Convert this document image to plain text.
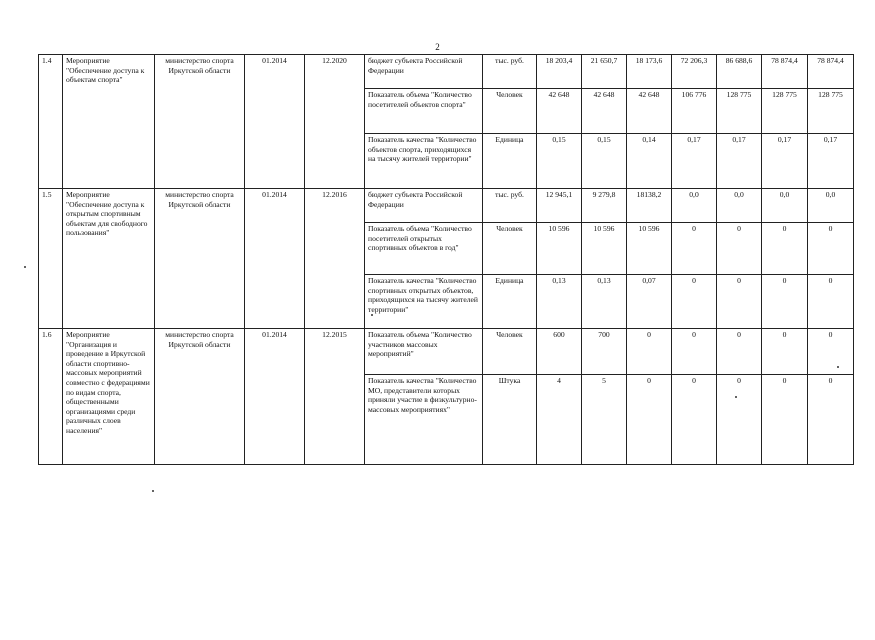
2
1.4	Мероприятие "Обеспечение доступа к объектам спорта"	министерство спорта Иркутской области	01.2014	12.2020	бюджет субъекта Российской Федерации	тыс. руб.	18 203,4	21 650,7	18 173,6	72 206,3	86 688,6	78 874,4	78 874,4
					Показатель объема "Количество посетителей объектов спорта"	Человек	42 648	42 648	42 648	106 776	128 775	128 775	128 775
					Показатель качества "Количество объектов спорта, приходящихся на тысячу жителей территории"	Единица	0,15	0,15	0,14	0,17	0,17	0,17	0,17
1.5	Мероприятие "Обеспечение доступа к открытым спортивным объектам для свободного пользования"	министерство спорта Иркутской области	01.2014	12.2016	бюджет субъекта Российской Федерации	тыс. руб.	12 945,1	9 279,8	18138,2	0,0	0,0	0,0	0,0
					Показатель объема "Количество посетителей открытых спортивных объектов в год"	Человек	10 596	10 596	10 596	0	0	0	0
					Показатель качества "Количество спортивных открытых объектов, приходящихся на тысячу жителей территории"	Единица	0,13	0,13	0,07	0	0	0	0
1.6	Мероприятие "Организация и проведение в Иркутской области спортивно-массовых мероприятий совместно с федерациями по видам спорта, общественными организациями среди различных слоев населения"	министерство спорта Иркутской области	01.2014	12.2015	Показатель объема "Количество участников массовых мероприятий"	Человек	600	700	0	0	0	0	0
					Показатель качества "Количество МО, представители которых приняли участие в физкультурно-массовых мероприятиях"	Штука	4	5	0	0	0	0	0
